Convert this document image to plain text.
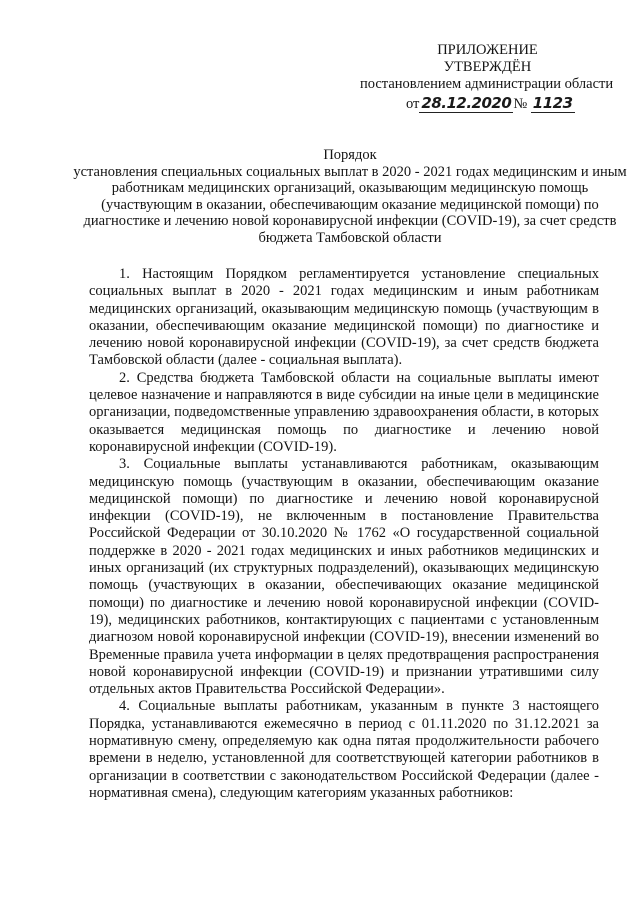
ПРИЛОЖЕНИЕ
УТВЕРЖДЁН
постановлением администрации области
от 28.12.2020 № 1123

Порядок

установления специальных социальных выплат в 2020 - 2021 годах медицинским и иным работникам медицинских организаций, оказывающим медицинскую помощь (участвующим в оказании, обеспечивающим оказание медицинской помощи) по диагностике и лечению новой коронавирусной инфекции (COVID-19), за счет средств бюджета Тамбовской области

1. Настоящим Порядком регламентируется установление специальных социальных выплат в 2020 - 2021 годах медицинским и иным работникам медицинских организаций, оказывающим медицинскую помощь (участвующим в оказании, обеспечивающим оказание медицинской помощи) по диагностике и лечению новой коронавирусной инфекции (COVID-19), за счет средств бюджета Тамбовской области (далее - социальная выплата).

2. Средства бюджета Тамбовской области на социальные выплаты имеют целевое назначение и направляются в виде субсидии на иные цели в медицинские организации, подведомственные управлению здравоохранения области, в которых оказывается медицинская помощь по диагностике и лечению новой коронавирусной инфекции (COVID-19).

3. Социальные выплаты устанавливаются работникам, оказывающим медицинскую помощь (участвующим в оказании, обеспечивающим оказание медицинской помощи) по диагностике и лечению новой коронавирусной инфекции (COVID-19), не включенным в постановление Правительства Российской Федерации от 30.10.2020 № 1762 «О государственной социальной поддержке в 2020 - 2021 годах медицинских и иных работников медицинских и иных организаций (их структурных подразделений), оказывающих медицинскую помощь (участвующих в оказании, обеспечивающих оказание медицинской помощи) по диагностике и лечению новой коронавирусной инфекции (COVID-19), медицинских работников, контактирующих с пациентами с установленным диагнозом новой коронавирусной инфекции (COVID-19), внесении изменений во Временные правила учета информации в целях предотвращения распространения новой коронавирусной инфекции (COVID-19) и признании утратившими силу отдельных актов Правительства Российской Федерации».

4. Социальные выплаты работникам, указанным в пункте 3 настоящего Порядка, устанавливаются ежемесячно в период с 01.11.2020 по 31.12.2021 за нормативную смену, определяемую как одна пятая продолжительности рабочего времени в неделю, установленной для соответствующей категории работников в организации в соответствии с законодательством Российской Федерации (далее - нормативная смена), следующим категориям указанных работников:
